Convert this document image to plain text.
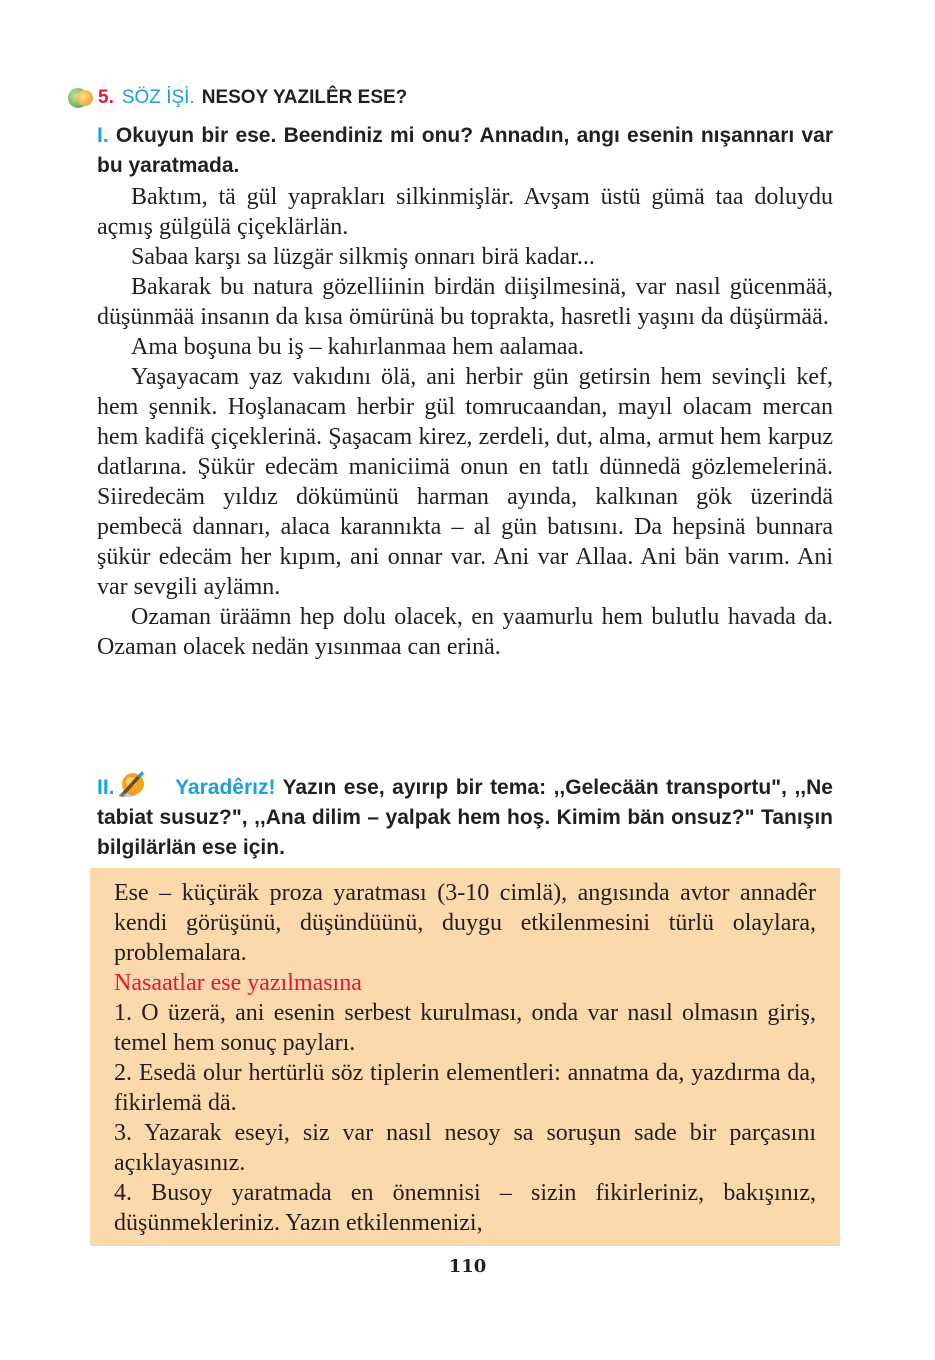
5. SÖZ İŞİ. NESOY YAZILÊR ESE?
I. Okuyun bir ese. Beendiniz mi onu? Annadın, angı esenin nışannarı var bu yaratmada.

Baktım, tä gül yaprakları silkinmişlär. Avşam üstü gümä taa doluydu açmış gülgülä çiçeklärlän.

Sabaa karşı sa lüzgär silkmiş onnarı birä kadar...

Bakarak bu natura gözelliinin birdän diişilmesinä, var nasıl gücenmää, düşünmää insanın da kısa ömürünä bu toprakta, hasretli yaşını da düşürmää.

Ama boşuna bu iş – kahırlanmaa hem aalamaa.

Yaşayacam yaz vakıdını ölä, ani herbir gün getirsin hem sevinçli kef, hem şennik. Hoşlanacam herbir gül tomrucaandan, mayıl olacam mercan hem kadifä çiçeklerinä. Şaşacam kirez, zerdeli, dut, alma, armut hem karpuz datlarına. Şükür edecäm maniciimä onun en tatlı dünnedä gözlemelerinä. Siiredecäm yıldız dökümünü harman ayında, kalkınan gök üzerindä pembecä dannarı, alaca karannıkta – al gün batısını. Da hepsinä bunnara şükür edecäm her kıpım, ani onnar var. Ani var Allaa. Ani bän varım. Ani var sevgili aylämn.

Ozaman üräämn hep dolu olacek, en yaamurlu hem bulutlu havada da. Ozaman olacek nedän yısınmaa can erinä.

II.	Yaradêrız! Yazın ese, ayırıp bir tema: ,,Gelecään transportu", ,,Ne tabiat susuz?", ,,Ana dilim – yalpak hem hoş. Kimim bän onsuz?" Tanışın bilgilärlän ese için.

Ese – küçüräk proza yaratması (3-10 cimlä), angısında avtor annadêr kendi görüşünü, düşündüünü, duygu etkilenmesini türlü olaylara, problemalara.

Nasaatlar ese yazılmasına

1. O üzerä, ani esenin serbest kurulması, onda var nasıl olmasın giriş, temel hem sonuç payları.

2. Esedä olur hertürlü söz tiplerin elementleri: annatma da, yazdırma da, fikirlemä dä.

3. Yazarak eseyi, siz var nasıl nesoy sa soruşun sade bir parçasını açıklayasınız.

4. Busoy yaratmada en önemnisi – sizin fikirleriniz, bakışınız, düşünmekleriniz. Yazın etkilenmenizi,

110
